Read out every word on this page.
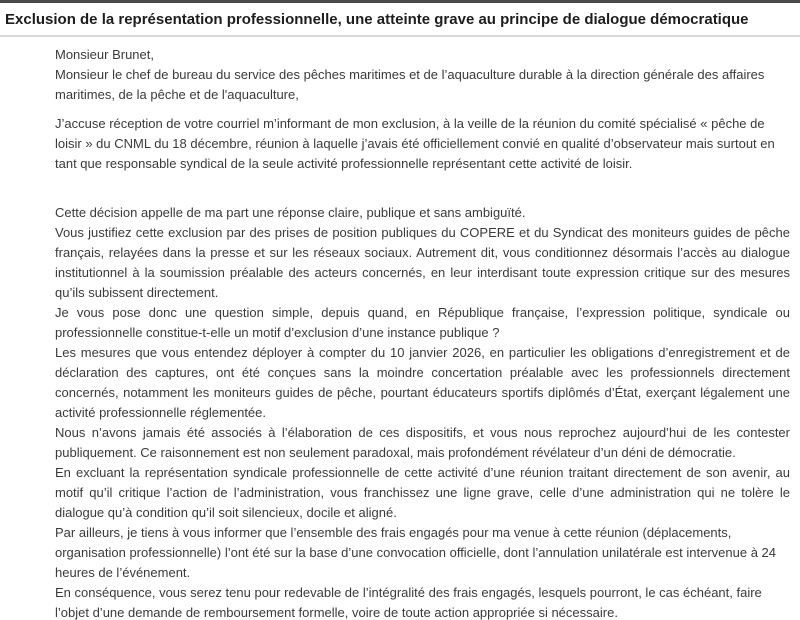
Exclusion de la représentation professionnelle, une atteinte grave au principe de dialogue démocratique

Monsieur Brunet,

Monsieur le chef de bureau du service des pêches maritimes et de l’aquaculture durable à la direction générale des affaires maritimes, de la pêche et de l'aquaculture,

J’accuse réception de votre courriel m’informant de mon exclusion, à la veille de la réunion du comité spécialisé « pêche de loisir » du CNML du 18 décembre, réunion à laquelle j’avais été officiellement convié en qualité d’observateur mais surtout en tant que responsable syndical de la seule activité professionnelle représentant cette activité de loisir.

Cette décision appelle de ma part une réponse claire, publique et sans ambiguïté.

Vous justifiez cette exclusion par des prises de position publiques du COPERE et du Syndicat des moniteurs guides de pêche français, relayées dans la presse et sur les réseaux sociaux. Autrement dit, vous conditionnez désormais l’accès au dialogue institutionnel à la soumission préalable des acteurs concernés, en leur interdisant toute expression critique sur des mesures qu’ils subissent directement.

Je vous pose donc une question simple, depuis quand, en République française, l’expression politique, syndicale ou professionnelle constitue-t-elle un motif d’exclusion d’une instance publique ?

Les mesures que vous entendez déployer à compter du 10 janvier 2026, en particulier les obligations d’enregistrement et de déclaration des captures, ont été conçues sans la moindre concertation préalable avec les professionnels directement concernés, notamment les moniteurs guides de pêche, pourtant éducateurs sportifs diplômés d’État, exerçant légalement une activité professionnelle réglementée.

Nous n’avons jamais été associés à l’élaboration de ces dispositifs, et vous nous reprochez aujourd’hui de les contester publiquement. Ce raisonnement est non seulement paradoxal, mais profondément révélateur d’un déni de démocratie.

En excluant la représentation syndicale professionnelle de cette activité d’une réunion traitant directement de son avenir, au motif qu’il critique l’action de l’administration, vous franchissez une ligne grave, celle d’une administration qui ne tolère le dialogue qu’à condition qu’il soit silencieux, docile et aligné.

Par ailleurs, je tiens à vous informer que l’ensemble des frais engagés pour ma venue à cette réunion (déplacements, organisation professionnelle) l’ont été sur la base d’une convocation officielle, dont l’annulation unilatérale est intervenue à 24 heures de l’événement.

En conséquence, vous serez tenu pour redevable de l’intégralité des frais engagés, lesquels pourront, le cas échéant, faire l’objet d’une demande de remboursement formelle, voire de toute action appropriée si nécessaire.
